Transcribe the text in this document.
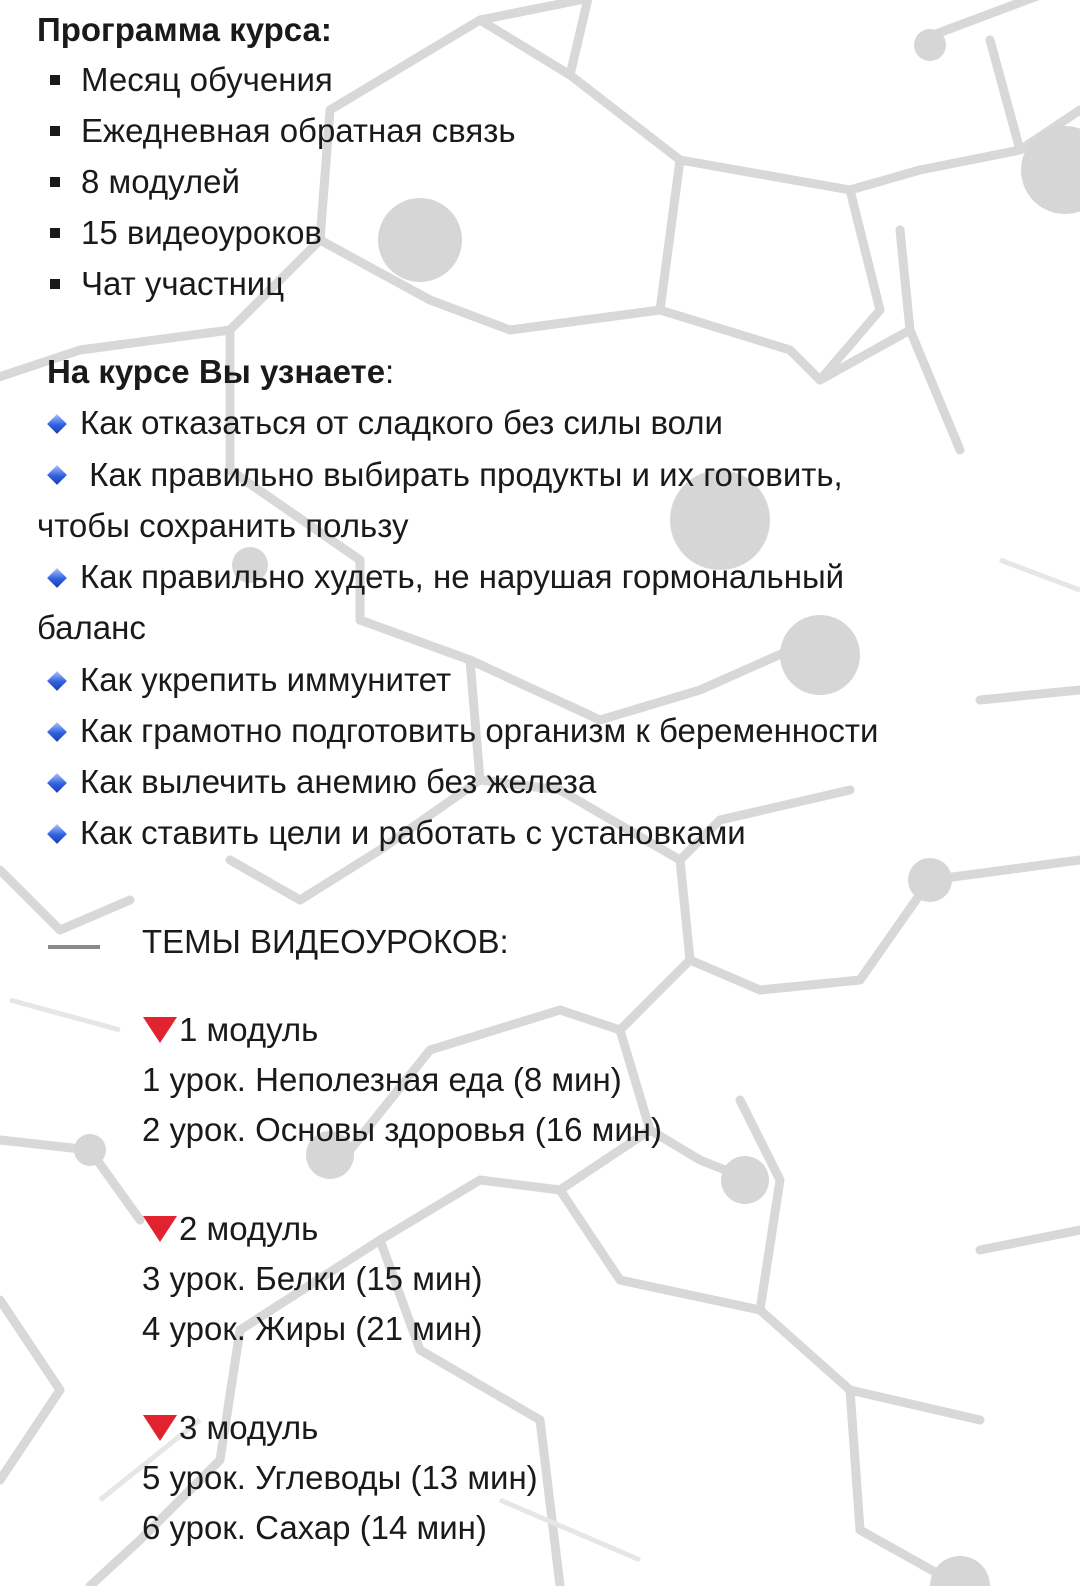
Программа курса:
Месяц обучения
Ежедневная обратная связь
8 модулей
15 видеоуроков
Чат участниц
На курсе Вы узнаете:
Как отказаться от сладкого без силы воли
Как правильно выбирать продукты и их готовить,
чтобы сохранить пользу
Как правильно худеть, не нарушая гормональный
баланс
Как укрепить иммунитет
Как грамотно подготовить организм к беременности
Как вылечить анемию без железа
Как ставить цели и работать с установками
ТЕМЫ ВИДЕОУРОКОВ:
1 модуль
1 урок. Неполезная еда (8 мин)
2 урок. Основы здоровья (16 мин)
2 модуль
3 урок. Белки (15 мин)
4 урок. Жиры (21 мин)
3 модуль
5 урок. Углеводы (13 мин)
6 урок. Сахар (14 мин)
